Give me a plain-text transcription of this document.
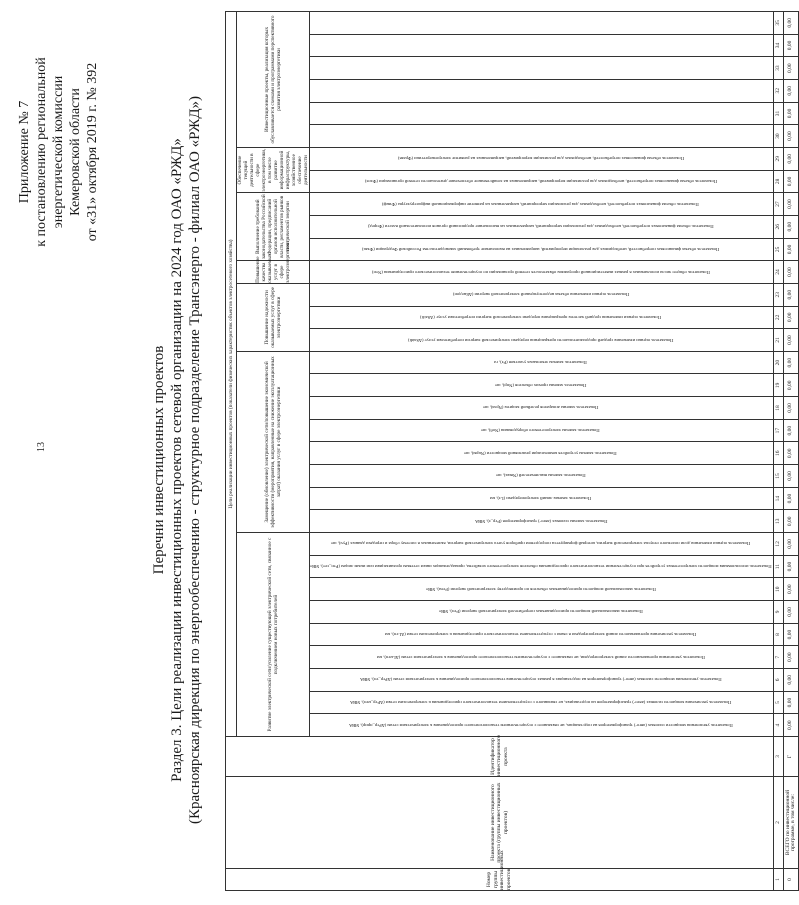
13
Приложение № 7 к постановлению региональной энергетической комиссии Кемеровской области от «31» октября 2019 г. № 392
Перечни инвестиционных проектов Раздел 3. Цели реализации инвестиционных проектов сетевой организации на 2024 год ОАО «РЖД» (Красноярская дирекция по энергообеспечению - структурное подразделение Трансэнерго - филиал ОАО «РЖД»)
Номер группы инвестиционных проектов	Наименование инвестиционного проекта (группы инвестиционных проектов)	Идентификатор инвестиционного проекта	Цели реализации инвестиционных проектов (показатели физических характеристик объектов электросетевого хозяйства)																															
			Развитие электрической сети/усиление существующей электрической сети, связанное с подключением новых потребителей									Замещение (обновление) электрической сети/повышение экономической эффективности (мероприятия, направленные на снижение эксплуатационных затрат) оказания услуг в сфере электроэнергетики								Повышение надежности оказываемых услуг в сфере электроэнергетики			Повышение качества оказываемых услуг в сфере электроэнергетики	Выполнение требований законодательства Российской Федерации, предписаний органов исполнительной власти, регламентов рынков электрической энергии			Обеспечение текущей деятельности в сфере электроэнергетики, в том числе развитие информационной инфраструктуры, хозяйственное обеспечение деятельности		Инвестиционные проекты, реализация которых обуславливается схемами и программами перспективного развития электроэнергетики					
			Показатель увеличения мощности силовых (авто-) трансформаторов на подстанциях, не связанного с осуществлением технологического присоединения к электрическим сетям (ΔPтр_прир), МВА	Показатель увеличения мощности силовых (авто-) трансформаторов на подстанциях, не связанного с осуществлением технологического присоединения к электрическим сетям (ΔPтр_нтп), МВА	Показатель увеличения мощности силовых (авто-) трансформаторов на подстанциях в рамках осуществления технологического присоединения к электрическим сетям (ΔPтр_тп), МВА	Показатель увеличения протяженности линий электропередачи, не связанного с осуществлением технологического присоединения к электрическим сетям (ΔLнтп), км	Показатель увеличения протяженности линий электропередачи в связи с осуществлением технологического присоединения к электрическим сетям (ΔLтп), км	Показатель максимальной мощности присоединяемых потребителей электрической энергии (Pтп), МВт	Показатель максимальной мощности присоединяемых объектов по производству электрической энергии (Pген), МВт	Показатель использования мощности электросетевых устройств при осуществлении технологического присоединения объектов электросетевого хозяйства, принадлежащих иным сетевым организациям или иным лицам (Pтп_сет), МВт	Показатель оценки изменения доли полезного отпуска электрической энергии, который формируется посредством приборов учета электрической энергии, включенных в систему сбора и передачи данных (Pуч), шт	Показатель замены силовых (авто-) трансформаторов (Pтр_з), МВА	Показатель замены линий электропередачи (Lз), км	Показатель замены выключателей (Nвык), шт	Показатель замены устройств компенсации реактивной мощности (Nкрм), шт	Показатель замены электросетевого оборудования (Nоб), шт	Показатель замены аппаратов релейной защиты (Nрза), шт	Показатель замены прочих объектов (Nпр), шт	Показатель замены земельных участков (Pз), га	Показатель оценки изменения средней продолжительности прекращения передачи электрической энергии потребителям услуг (ΔSaidi)	Показатель оценки изменения средней частоты прекращения передачи электрической энергии потребителям услуг (ΔSaifi)	Показатель оценки изменения объема недоотпущенной электрической энергии (ΔEнедоп)	Показатель общего числа исполненных в рамках инвестиционной программы обязательств сетевой организации по осуществлению технологического присоединения (Nтп)	Показатель объема финансовых потребностей, необходимых для реализации мероприятий, направленных на выполнение требований законодательства Российской Федерации (Фзак)	Показатель объема финансовых потребностей, необходимых для реализации мероприятий, направленных на выполнение предписаний органов исполнительной власти (Фпред)	Показатель объема финансовых потребностей, необходимых для реализации мероприятий, направленных на развитие информационной инфраструктуры (Финф)	Показатель объема финансовых потребностей, необходимых для реализации мероприятий, направленных на хозяйственное обеспечение деятельности сетевой организации (Фхоз)	Показатель объема финансовых потребностей, необходимых для реализации мероприятий, направленных на развитие электроэнергетики (Фразв)						
1	2	3	4	5	6	7	8	9	10	11	12	13	14	15	16	17	18	19	20	21	22	23	24	25	26	27	28	29	30	31	32	33	34	35
0	ВСЕГО по инвестиционной программе, в том числе:	Г	0,00	0,00	0,00	0,00	0,00	0,00	0,00	0,00	0,00	0,00	0,00	0,00	0,00	0,00	0,00	0,00	0,00	0,00	0,00	0,00	0,00	0,00	0,00	0,00	0,00	0,00	0,00	0,00	0,00	0,00	0,00	0,00
